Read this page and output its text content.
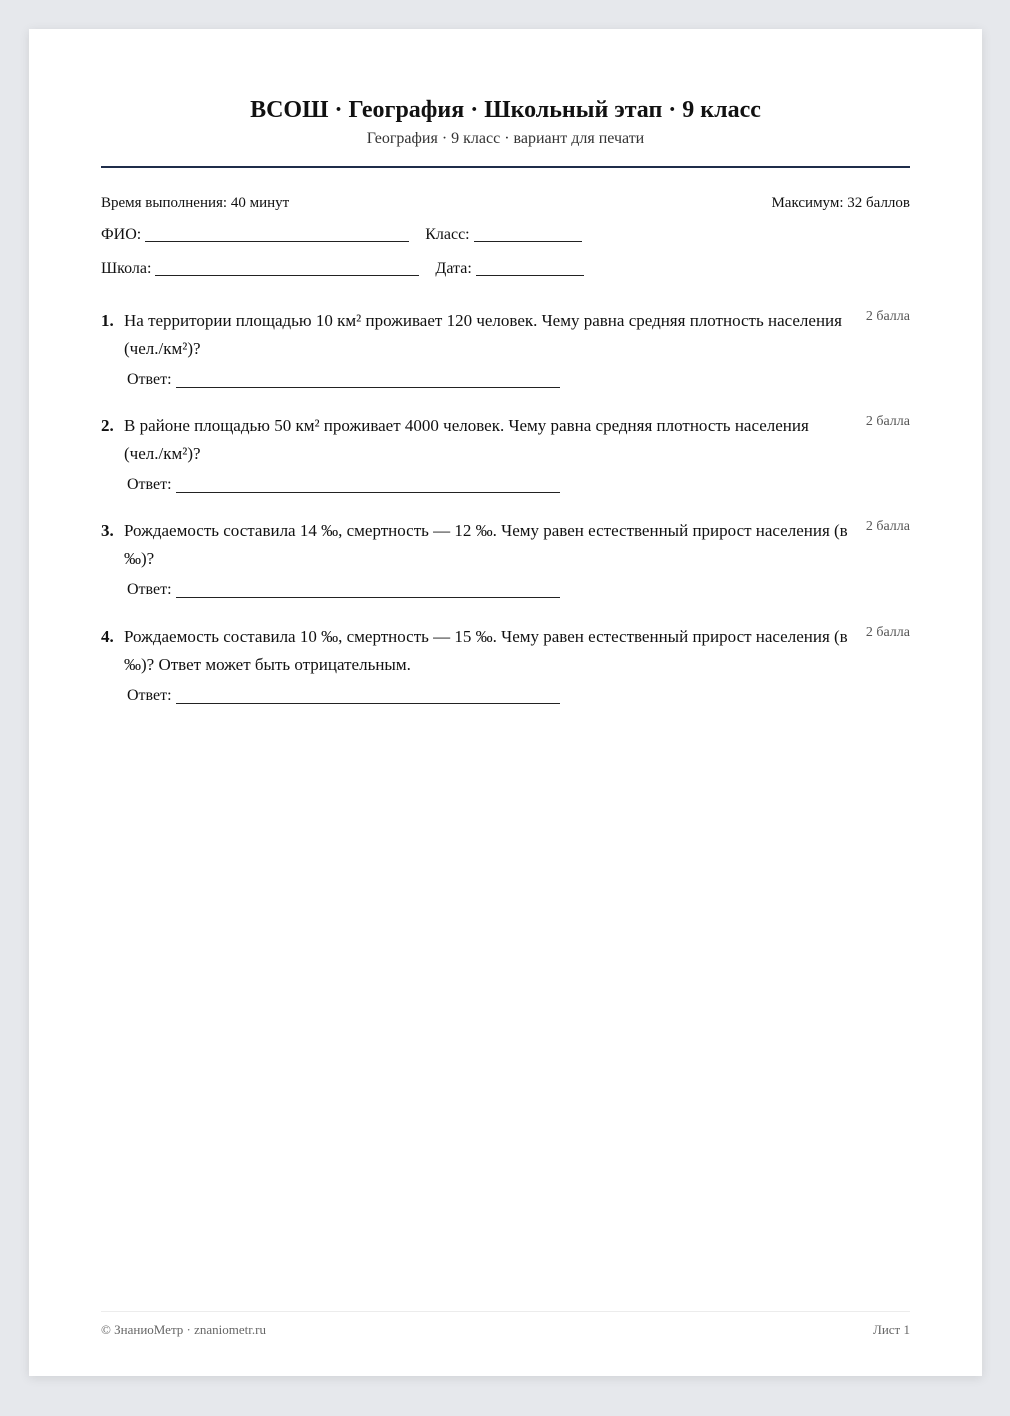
ВСОШ · География · Школьный этап · 9 класс
География · 9 класс · вариант для печати
Время выполнения: 40 минут	Максимум: 32 баллов
ФИО:	Класс:
Школа:	Дата:
1.	2 балла
На территории площадью 10 км² проживает 120 человек. Чему равна средняя плотность населения (чел./км²)?
Ответ:
2.	2 балла
В районе площадью 50 км² проживает 4000 человек. Чему равна средняя плотность населения (чел./км²)?
Ответ:
3.	2 балла
Рождаемость составила 14 ‰, смертность — 12 ‰. Чему равен естественный прирост населения (в ‰)?
Ответ:
4.	2 балла
Рождаемость составила 10 ‰, смертность — 15 ‰. Чему равен естественный прирост населения (в ‰)? Ответ может быть отрицательным.
Ответ:
© ЗнаниоМетр · znaniometr.ru	Лист 1
